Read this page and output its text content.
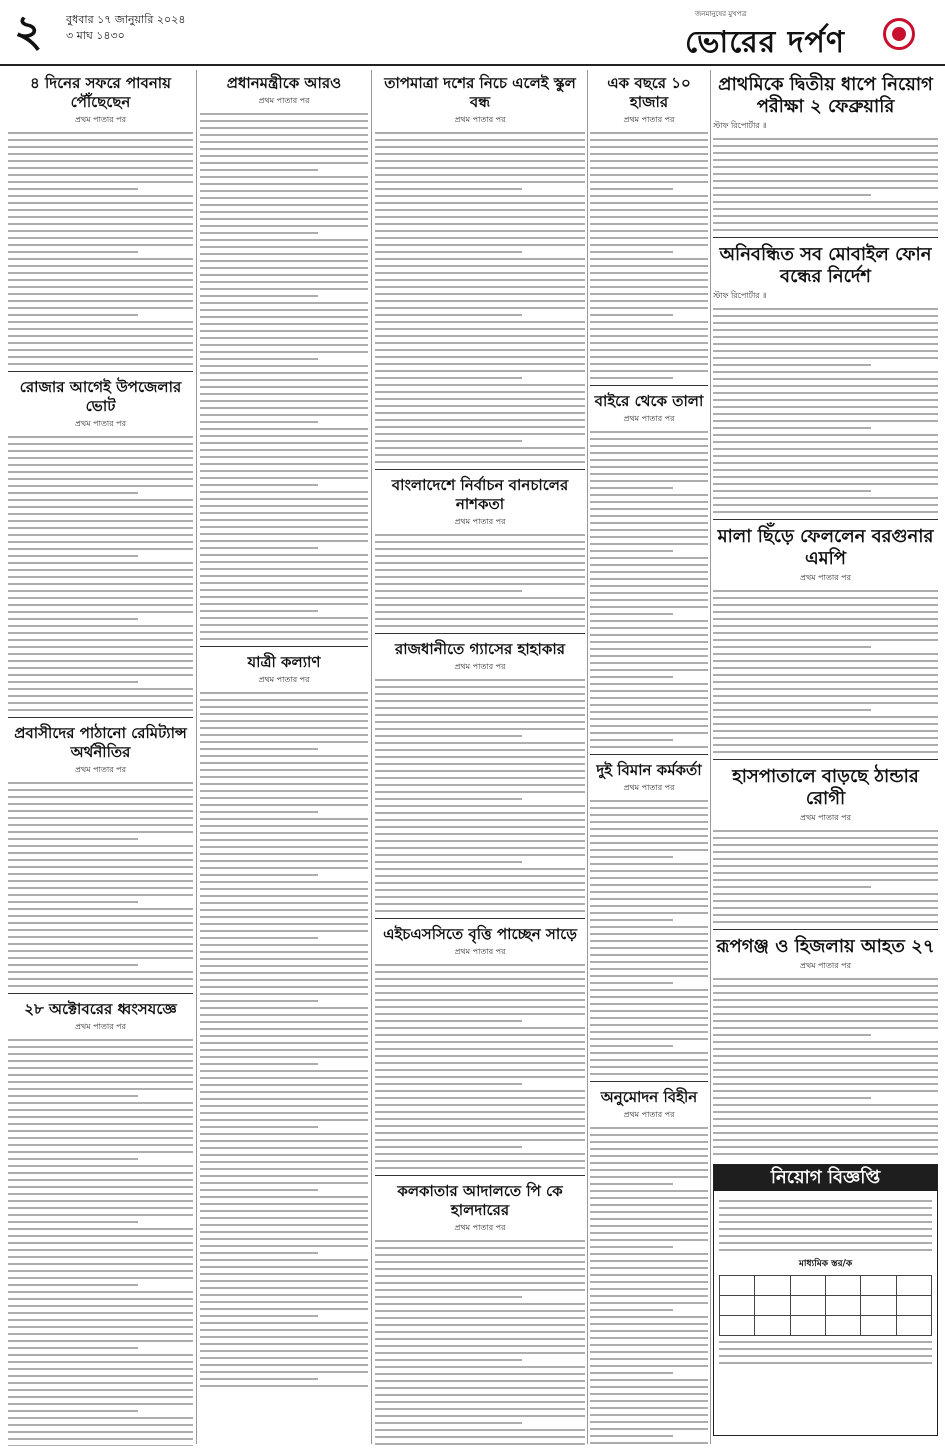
২ বুধবার ১৭ জানুয়ারি ২০২৪
৩ মাঘ ১৪৩০
জনমানুষের মুখপত্র
ভোরের দর্পণ
৪ দিনের সফরে পাবনায় পৌঁছেছেন
প্রথম পাতার পর
রোজার আগেই উপজেলার ভোট
প্রথম পাতার পর
প্রবাসীদের পাঠানো রেমিট্যান্স অর্থনীতির
প্রথম পাতার পর
২৮ অক্টোবরের ধ্বংসযজ্ঞে
প্রথম পাতার পর
প্রধানমন্ত্রীকে আরও
প্রথম পাতার পর
যাত্রী কল্যাণ
প্রথম পাতার পর
তাপমাত্রা দশের নিচে এলেই স্কুল বন্ধ
প্রথম পাতার পর
বাংলাদেশে নির্বাচন বানচালের নাশকতা
প্রথম পাতার পর
রাজধানীতে গ্যাসের হাহাকার
প্রথম পাতার পর
এইচএসসিতে বৃত্তি পাচ্ছেন সাড়ে
প্রথম পাতার পর
কলকাতার আদালতে পি কে হালদারের
প্রথম পাতার পর
এক বছরে ১০ হাজার
প্রথম পাতার পর
বাইরে থেকে তালা
প্রথম পাতার পর
দুই বিমান কর্মকর্তা
প্রথম পাতার পর
অনুমোদন বিহীন
প্রথম পাতার পর
প্রাথমিকে দ্বিতীয় ধাপে নিয়োগ পরীক্ষা ২ ফেব্রুয়ারি
স্টাফ রিপোর্টার ॥
অনিবন্ধিত সব মোবাইল ফোন বন্ধের নির্দেশ
স্টাফ রিপোর্টার ॥
মালা ছিঁড়ে ফেললেন বরগুনার এমপি
প্রথম পাতার পর
হাসপাতালে বাড়ছে ঠান্ডার রোগী
প্রথম পাতার পর
রূপগঞ্জ ও হিজলায় আহত ২৭
প্রথম পাতার পর
নিয়োগ বিজ্ঞপ্তি
মাধ্যমিক স্তর/ক
